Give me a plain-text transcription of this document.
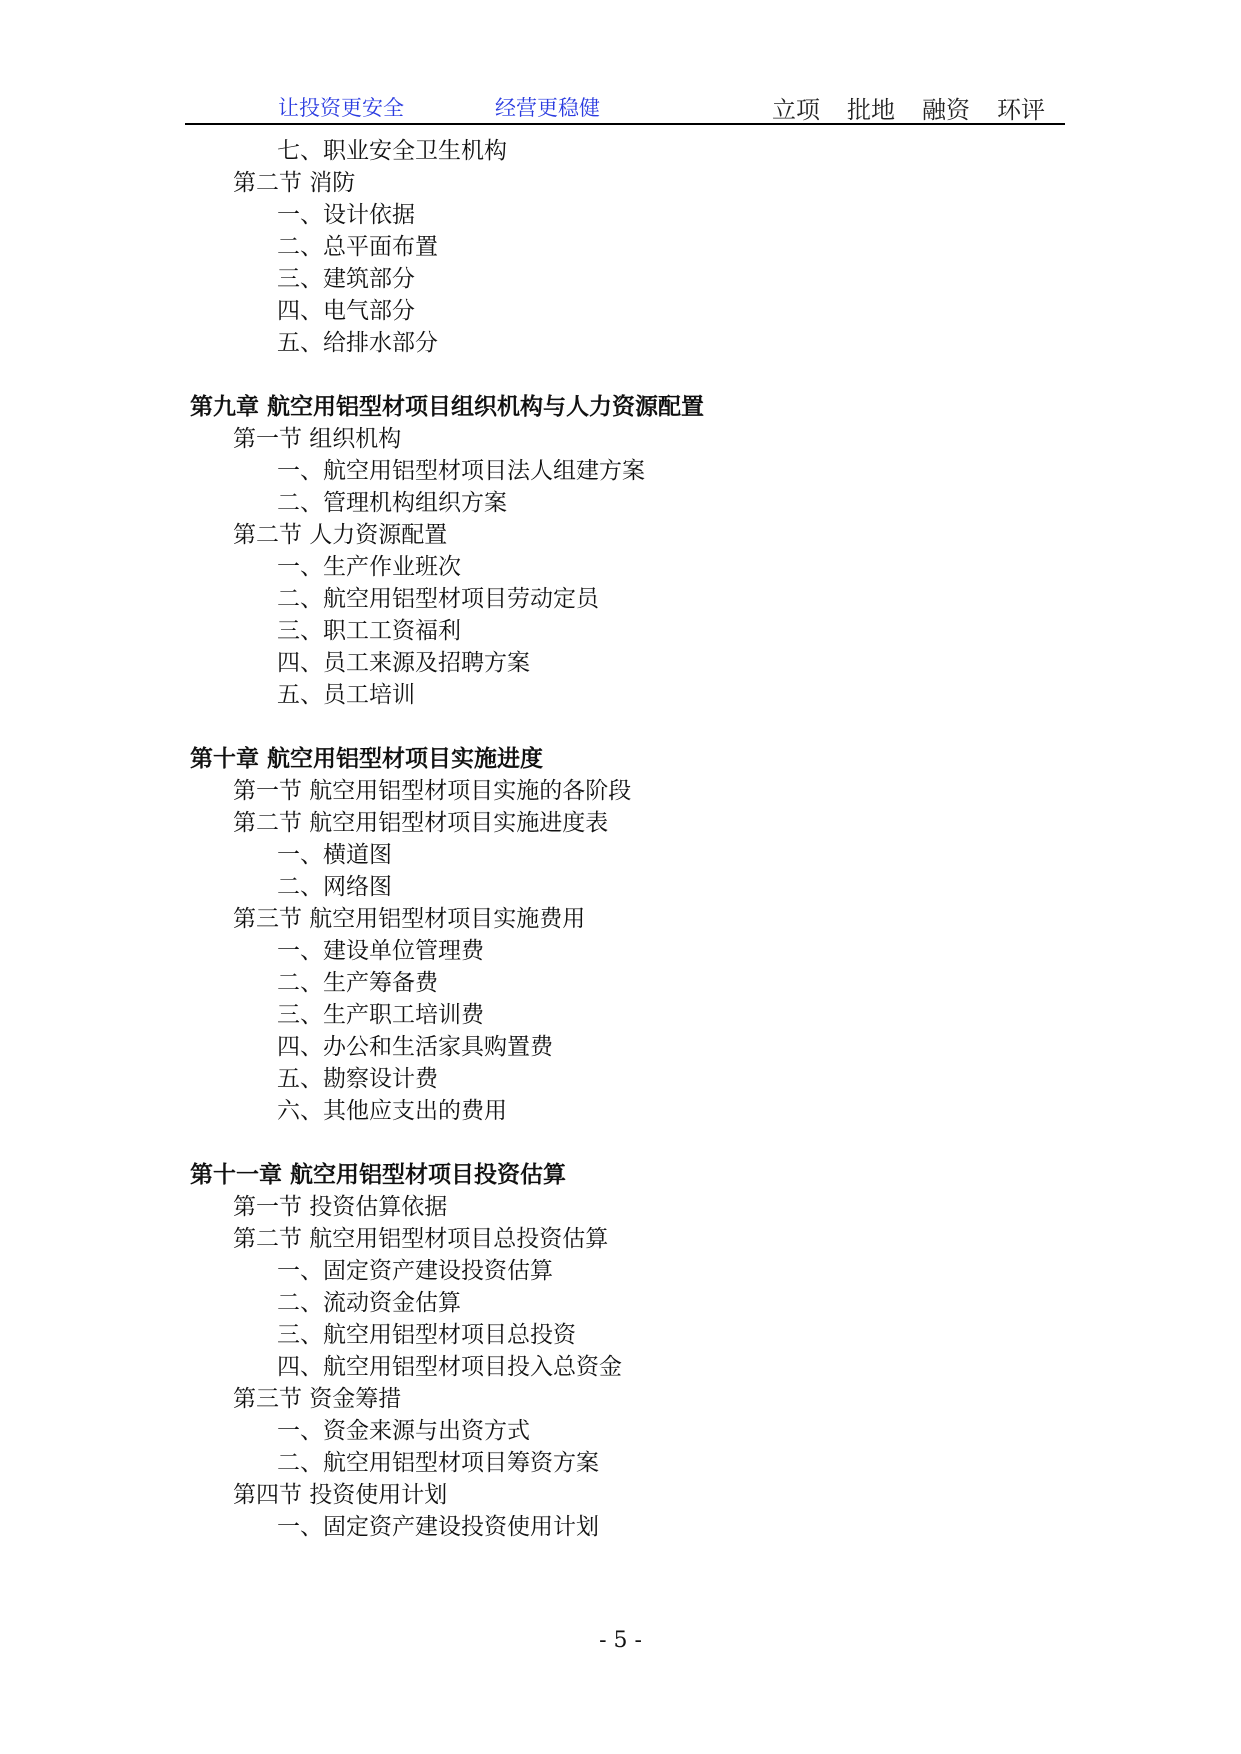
让投资更安全	经营更稳健	立项 批地 融资 环评
七、职业安全卫生机构
第二节 消防
一、设计依据
二、总平面布置
三、建筑部分
四、电气部分
五、给排水部分
第九章 航空用铝型材项目组织机构与人力资源配置
第一节 组织机构
一、航空用铝型材项目法人组建方案
二、管理机构组织方案
第二节 人力资源配置
一、生产作业班次
二、航空用铝型材项目劳动定员
三、职工工资福利
四、员工来源及招聘方案
五、员工培训
第十章 航空用铝型材项目实施进度
第一节 航空用铝型材项目实施的各阶段
第二节 航空用铝型材项目实施进度表
一、横道图
二、网络图
第三节 航空用铝型材项目实施费用
一、建设单位管理费
二、生产筹备费
三、生产职工培训费
四、办公和生活家具购置费
五、勘察设计费
六、其他应支出的费用
第十一章 航空用铝型材项目投资估算
第一节 投资估算依据
第二节 航空用铝型材项目总投资估算
一、固定资产建设投资估算
二、流动资金估算
三、航空用铝型材项目总投资
四、航空用铝型材项目投入总资金
第三节 资金筹措
一、资金来源与出资方式
二、航空用铝型材项目筹资方案
第四节 投资使用计划
一、固定资产建设投资使用计划
- 5 -
